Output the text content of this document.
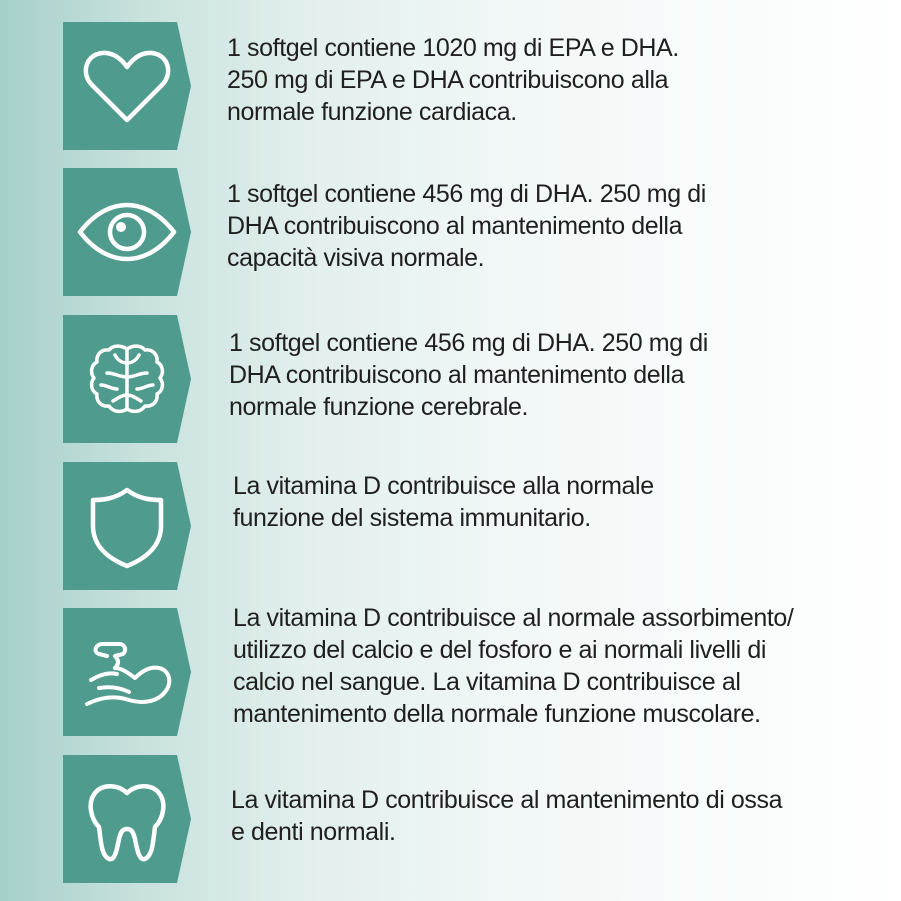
1 softgel contiene 1020 mg di EPA e DHA.
250 mg di EPA e DHA contribuiscono alla
normale funzione cardiaca.

1 softgel contiene 456 mg di DHA. 250 mg di
DHA contribuiscono al mantenimento della
capacità visiva normale.

1 softgel contiene 456 mg di DHA. 250 mg di
DHA contribuiscono al mantenimento della
normale funzione cerebrale.

La vitamina D contribuisce alla normale
funzione del sistema immunitario.

La vitamina D contribuisce al normale assorbimento/
utilizzo del calcio e del fosforo e ai normali livelli di
calcio nel sangue. La vitamina D contribuisce al
mantenimento della normale funzione muscolare.

La vitamina D contribuisce al mantenimento di ossa
e denti normali.
